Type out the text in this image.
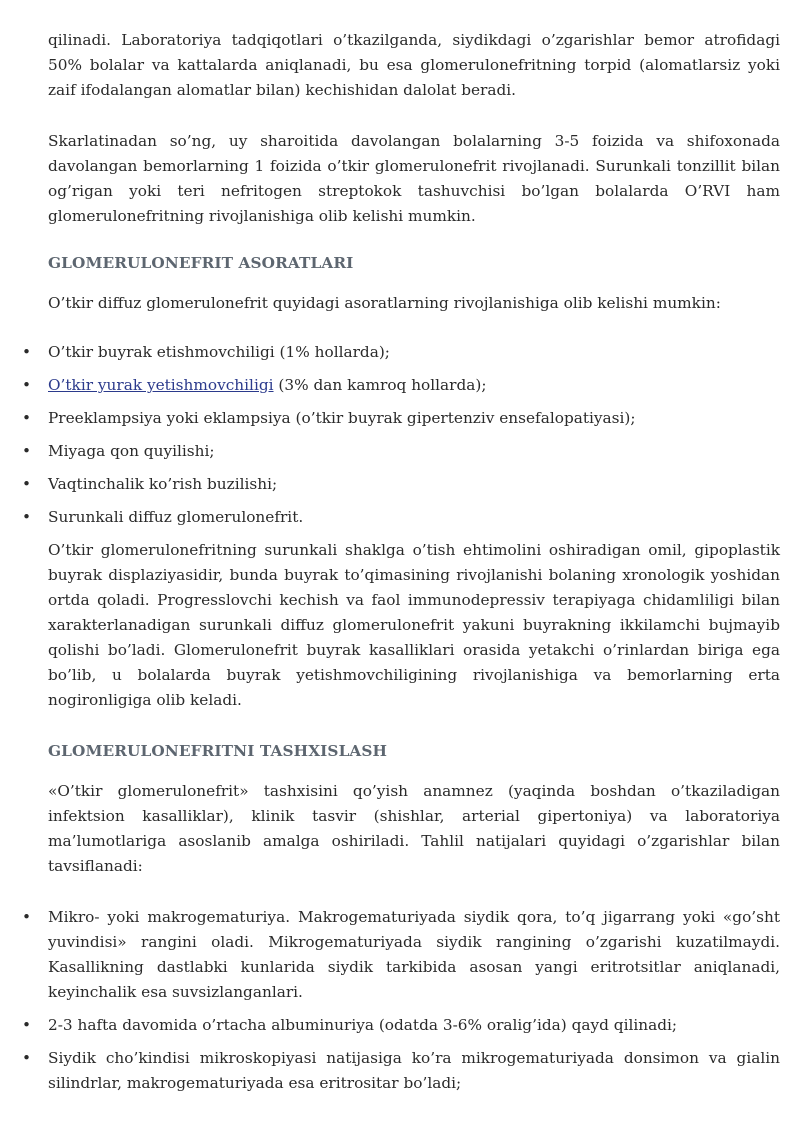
qilinadi. Laboratoriya tadqiqotlari o’tkazilganda, siydikdagi o’zgarishlar bemor atrofidagi 50% bolalar va kattalarda aniqlanadi, bu esa glomerulonefritning torpid (alomatlarsiz yoki zaif ifodalangan alomatlar bilan) kechishidan dalolat beradi.

Skarlatinadan so’ng, uy sharoitida davolangan bolalarning 3-5 foizida va shifoxonada davolangan bemorlarning 1 foizida o’tkir glomerulonefrit rivojlanadi. Surunkali tonzillit bilan og’rigan yoki teri nefritogen streptokok tashuvchisi bo’lgan bolalarda O’RVI ham glomerulonefritning rivojlanishiga olib kelishi mumkin.

GLOMERULONEFRIT ASORATLARI

O’tkir diffuz glomerulonefrit quyidagi asoratlarning rivojlanishiga olib kelishi mumkin:

• O’tkir buyrak etishmovchiligi (1% hollarda);
• O’tkir yurak yetishmovchiligi (3% dan kamroq hollarda);
• Preeklampsiya yoki eklampsiya (o’tkir buyrak gipertenziv ensefalopatiyasi);
• Miyaga qon quyilishi;
• Vaqtinchalik ko’rish buzilishi;
• Surunkali diffuz glomerulonefrit.

O’tkir glomerulonefritning surunkali shaklga o’tish ehtimolini oshiradigan omil, gipoplastik buyrak displaziyasidir, bunda buyrak to’qimasining rivojlanishi bolaning xronologik yoshidan ortda qoladi. Progresslovchi kechish va faol immunodepressiv terapiyaga chidamliligi bilan xarakterlanadigan surunkali diffuz glomerulonefrit yakuni buyrakning ikkilamchi bujmayib qolishi bo’ladi. Glomerulonefrit buyrak kasalliklari orasida yetakchi o’rinlardan biriga ega bo’lib, u bolalarda buyrak yetishmovchiligining rivojlanishiga va bemorlarning erta nogironligiga olib keladi.

GLOMERULONEFRITNI TASHXISLASH

«O’tkir glomerulonefrit» tashxisini qo’yish anamnez (yaqinda boshdan o’tkaziladigan infektsion kasalliklar), klinik tasvir (shishlar, arterial gipertoniya) va laboratoriya ma’lumotlariga asoslanib amalga oshiriladi. Tahlil natijalari quyidagi o’zgarishlar bilan tavsiflanadi:

• Mikro- yoki makrogematuriya. Makrogematuriyada siydik qora, to’q jigarrang yoki «go’sht yuvindisi» rangini oladi. Mikrogematuriyada siydik rangining o’zgarishi kuzatilmaydi. Kasallikning dastlabki kunlarida siydik tarkibida asosan yangi eritrotsitlar aniqlanadi, keyinchalik esa suvsizlanganlari.
• 2-3 hafta davomida o’rtacha albuminuriya (odatda 3-6% oralig’ida) qayd qilinadi;
• Siydik cho’kindisi mikroskopiyasi natijasiga ko’ra mikrogematuriyada donsimon va gialin silindrlar, makrogematuriyada esa eritrositar bo’ladi;
